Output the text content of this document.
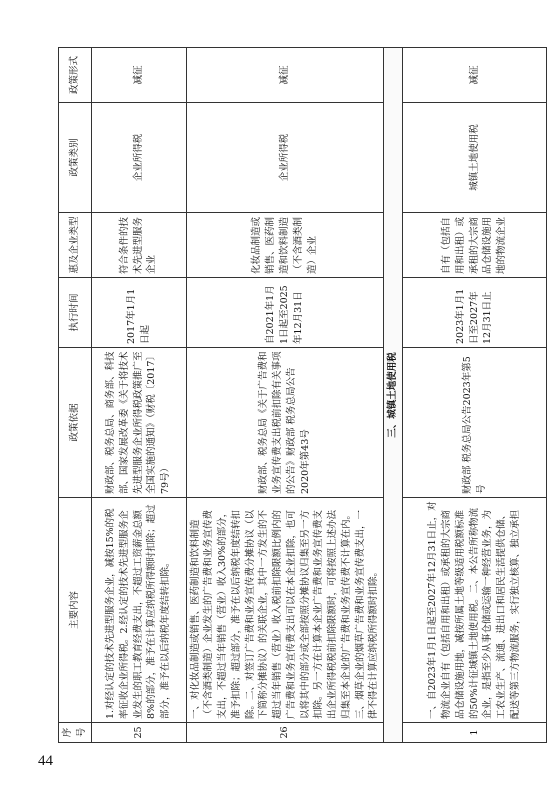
44
序号	主要内容	政策依据	执行时间	惠及企业类型	政策类别	政策形式
25	1.对经认定的技术先进型服务企业，减按15%的税率征收企业所得税。2.经认定的技术先进型服务企业发生的职工教育经费支出，不超过工资薪金总额8%的部分，准予在计算应纳税所得额时扣除；超过部分，准予在以后纳税年度结转扣除。	财政部、税务总局、商务部、科技部、国家发展改革委《关于将技术先进型服务企业所得税政策推广至全国实施的通知》（财税〔2017〕79号）	2017年1月1日起	符合条件的技术先进型服务企业	企业所得税	减征
26	一、对化妆品制造或销售、医药制造和饮料制造（不含酒类制造）企业发生的广告费和业务宣传费支出，不超过当年销售（营业）收入30%的部分，准予扣除；超过部分，准予在以后纳税年度结转扣除。二、对签订广告费和业务宣传费分摊协议（以下简称分摊协议）的关联企业，其中一方发生的不超过当年销售（营业）收入税前扣除限额比例内的广告费和业务宣传费支出可以在本企业扣除，也可以将其中的部分或全部按照分摊协议归集至另一方扣除。另一方在计算本企业广告费和业务宣传费支出企业所得税税前扣除限额时，可将按照上述办法归集至本企业的广告费和业务宣传费不计算在内。三、烟草企业的烟草广告费和业务宣传费支出，一律不得在计算应纳税所得额时扣除。	财政部、税务总局《关于广告费和业务宣传费支出税前扣除有关事项的公告》财政部 税务总局公告2020年第43号	自2021年1月1日起至2025年12月31日	化妆品制造或销售、医药制造和饮料制造（不含酒类制造）企业	企业所得税	减征
三、城镇土地使用税						
1	一、自2023年1月1日起至2027年12月31日止，对物流企业自有（包括自用和出租）或承租的大宗商品仓储设施用地，减按所属土地等级适用税额标准的50%计征城镇土地使用税。二、本公告所称物流企业，是指至少从事仓储或运输一种经营业务，为工农业生产、流通、进出口和居民生活提供仓储、配送等第三方物流服务，实行独立核算、独立承担	财政部 税务总局公告2023年第5号	2023年1月1日至2027年12月31日止	自有（包括自用和出租）或承租的大宗商品仓储设施用地的物流企业	城镇土地使用税	减征
